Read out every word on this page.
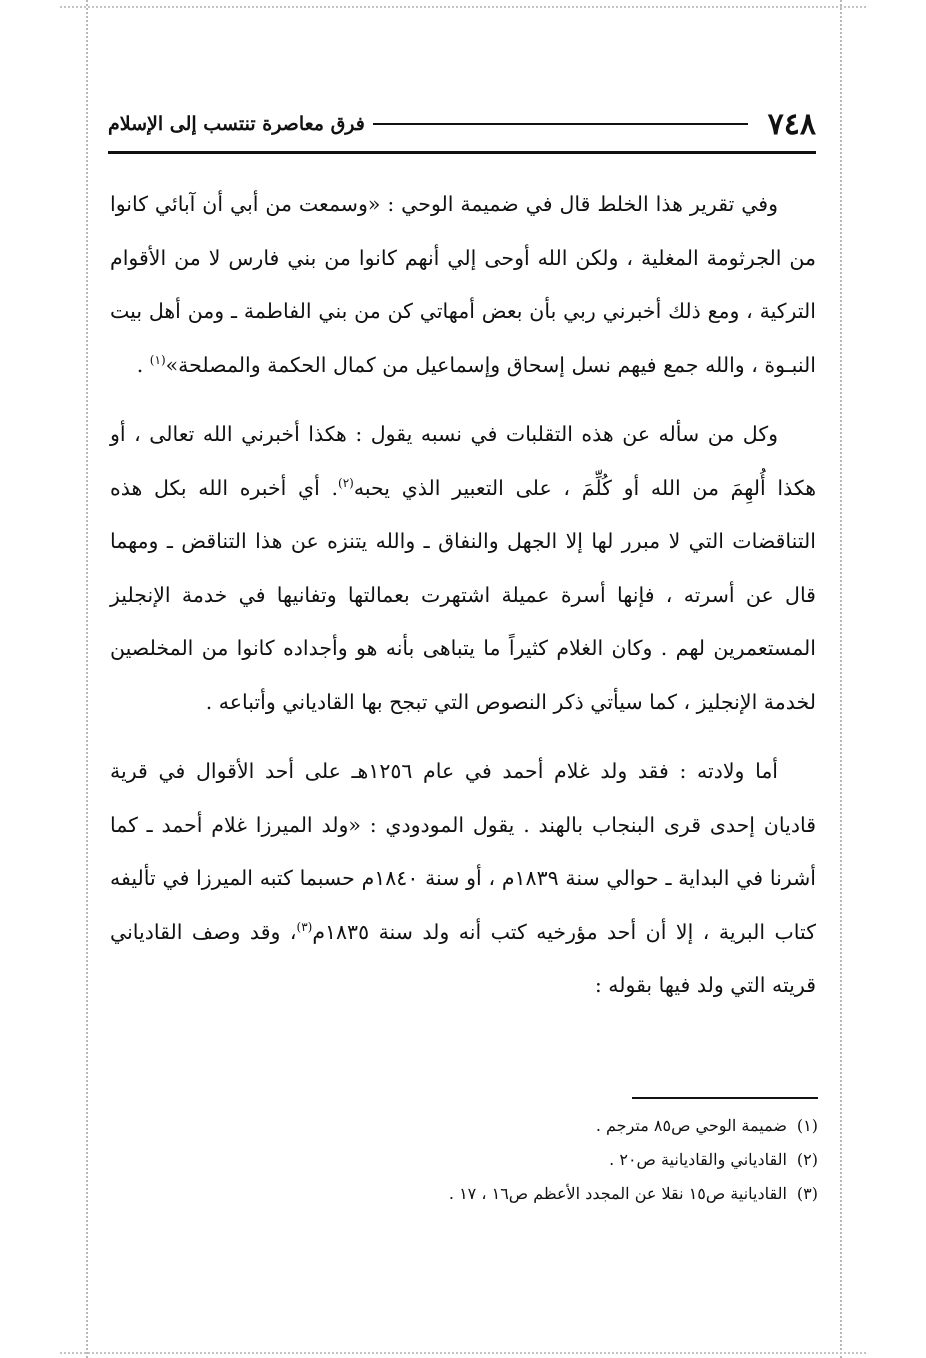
٧٤٨
فرق معاصرة تنتسب إلى الإسلام

وفي تقرير هذا الخلط قال في ضميمة الوحي : «وسمعت من أبي أن آبائي كانوا من الجرثومة المغلية ، ولكن الله أوحى إلي أنهم كانوا من بني فارس لا من الأقوام التركية ، ومع ذلك أخبرني ربي بأن بعض أمهاتي كن من بني الفاطمة ـ ومن أهل بيت النبـوة ، والله جمع فيهم نسل إسحاق وإسماعيل من كمال الحكمة والمصلحة»$^{(١)}$ .

وكل من سأله عن هذه التقلبات في نسبه يقول : هكذا أخبرني الله تعالى ، أو هكذا أُلهِمَ من الله أو كُلِّمَ ، على التعبير الذي يحبه$^{(٢)}$. أي أخبره الله بكل هذه التناقضات التي لا مبرر لها إلا الجهل والنفاق ـ والله يتنزه عن هذا التناقض ـ ومهما قال عن أسرته ، فإنها أسرة عميلة اشتهرت بعمالتها وتفانيها في خدمة الإنجليز المستعمرين لهم . وكان الغلام كثيراً ما يتباهى بأنه هو وأجداده كانوا من المخلصين لخدمة الإنجليز ، كما سيأتي ذكر النصوص التي تبجح بها القادياني وأتباعه .

أما ولادته : فقد ولد غلام أحمد في عام ١٢٥٦هـ على أحد الأقوال في قرية قاديان إحدى قرى البنجاب بالهند . يقول المودودي : «ولد الميرزا غلام أحمد ـ كما أشرنا في البداية ـ حوالي سنة ١٨٣٩م ، أو سنة ١٨٤٠م حسبما كتبه الميرزا في تأليفه كتاب البرية ، إلا أن أحد مؤرخيه كتب أنه ولد سنة ١٨٣٥م$^{(٣)}$، وقد وصف القادياني قريته التي ولد فيها بقوله :

(١)
ضميمة الوحي ص٨٥ مترجم .
(٢)
القادياني والقاديانية ص٢٠ .
(٣)
القاديانية ص١٥ نقلا عن المجدد الأعظم ص١٦ ، ١٧ .
